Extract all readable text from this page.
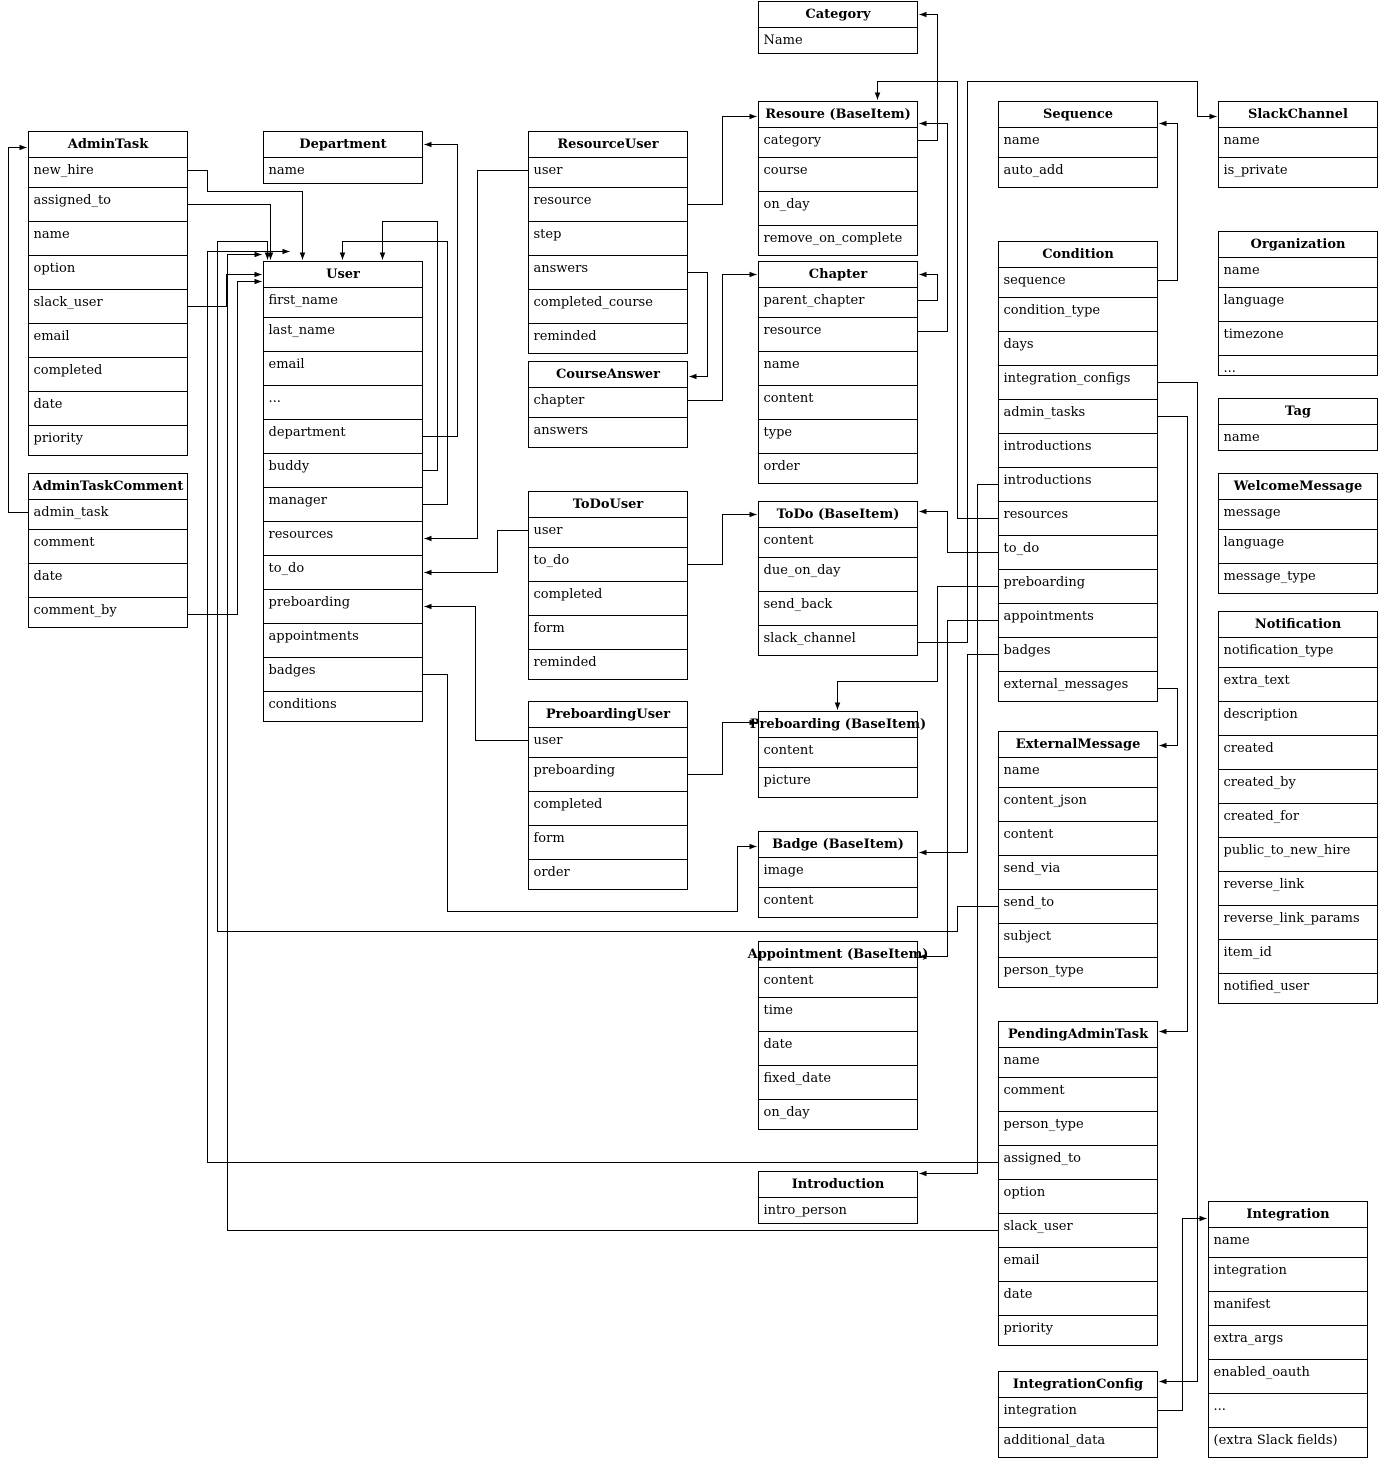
Category
Name
Resoure (BaseItem)
category
course
on_day
remove_on_complete
Chapter
parent_chapter
resource
name
content
type
order
ToDo (BaseItem)
content
due_on_day
send_back
slack_channel
Preboarding (BaseItem)
content
picture
Badge (BaseItem)
image
content
Appointment (BaseItem)
content
time
date
fixed_date
on_day
Introduction
intro_person
AdminTask
new_hire
assigned_to
name
option
slack_user
email
completed
date
priority
AdminTaskComment
admin_task
comment
date
comment_by
Department
name
User
first_name
last_name
email
...
department
buddy
manager
resources
to_do
preboarding
appointments
badges
conditions
ResourceUser
user
resource
step
answers
completed_course
reminded
CourseAnswer
chapter
answers
ToDoUser
user
to_do
completed
form
reminded
PreboardingUser
user
preboarding
completed
form
order
Sequence
name
auto_add
Condition
sequence
condition_type
days
integration_configs
admin_tasks
introductions
introductions
resources
to_do
preboarding
appointments
badges
external_messages
ExternalMessage
name
content_json
content
send_via
send_to
subject
person_type
PendingAdminTask
name
comment
person_type
assigned_to
option
slack_user
email
date
priority
IntegrationConfig
integration
additional_data
SlackChannel
name
is_private
Organization
name
language
timezone
...
Tag
name
WelcomeMessage
message
language
message_type
Notification
notification_type
extra_text
description
created
created_by
created_for
public_to_new_hire
reverse_link
reverse_link_params
item_id
notified_user
Integration
name
integration
manifest
extra_args
enabled_oauth
...
(extra Slack fields)
